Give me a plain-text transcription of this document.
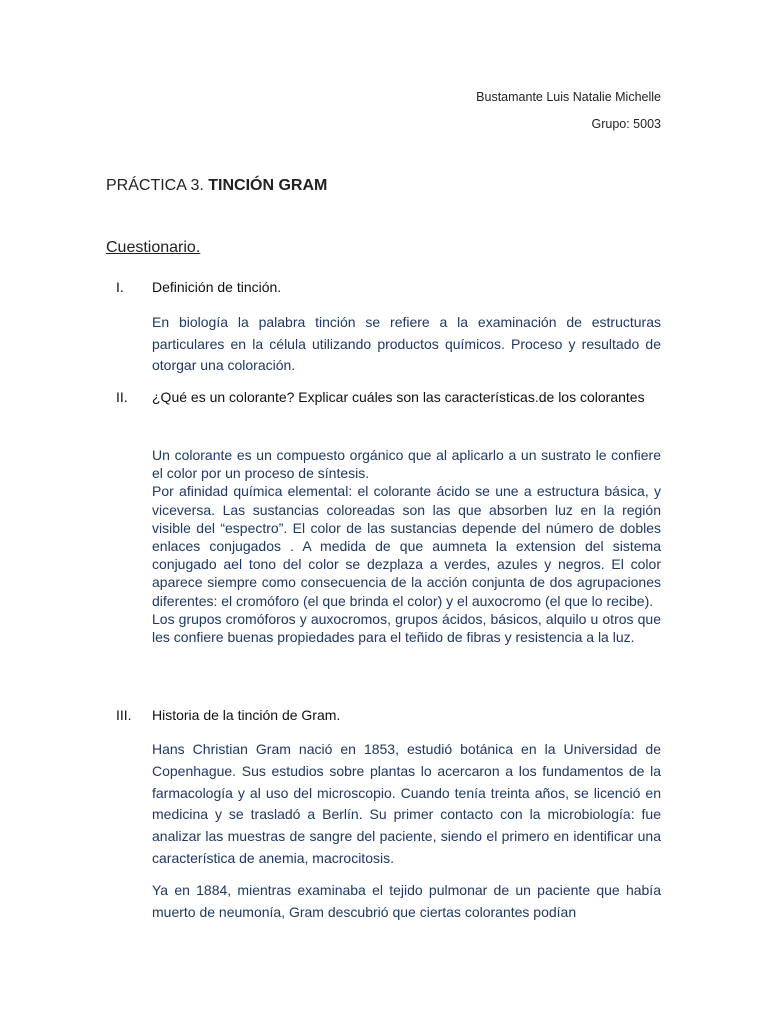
Bustamante Luis Natalie Michelle
Grupo: 5003
PRÁCTICA 3. TINCIÓN GRAM
Cuestionario.
I. Definición de tinción.

En biología la palabra tinción se refiere a la examinación de estructuras particulares en la célula utilizando productos químicos. Proceso y resultado de otorgar una coloración.

II. ¿Qué es un colorante? Explicar cuáles son las características.de los colorantes

Un colorante es un compuesto orgánico que al aplicarlo a un sustrato le confiere el color por un proceso de síntesis.

Por afinidad química elemental: el colorante ácido se une a estructura básica, y viceversa. Las sustancias coloreadas son las que absorben luz en la región visible del “espectro”. El color de las sustancias depende del número de dobles enlaces conjugados . A medida de que aumneta la extension del sistema conjugado ael tono del color se dezplaza a verdes, azules y negros. El color aparece siempre como consecuencia de la acción conjunta de dos agrupaciones diferentes: el cromóforo (el que brinda el color) y el auxocromo (el que lo recibe).

Los grupos cromóforos y auxocromos, grupos ácidos, básicos, alquilo u otros que les confiere buenas propiedades para el teñido de fibras y resistencia a la luz.

III. Historia de la tinción de Gram.

Hans Christian Gram nació en 1853, estudió botánica en la Universidad de Copenhague. Sus estudios sobre plantas lo acercaron a los fundamentos de la farmacología y al uso del microscopio. Cuando tenía treinta años, se licenció en medicina y se trasladó a Berlín. Su primer contacto con la microbiología: fue analizar las muestras de sangre del paciente, siendo el primero en identificar una característica de anemia, macrocitosis.

Ya en 1884, mientras examinaba el tejido pulmonar de un paciente que había muerto de neumonía, Gram descubrió que ciertas colorantes podían
